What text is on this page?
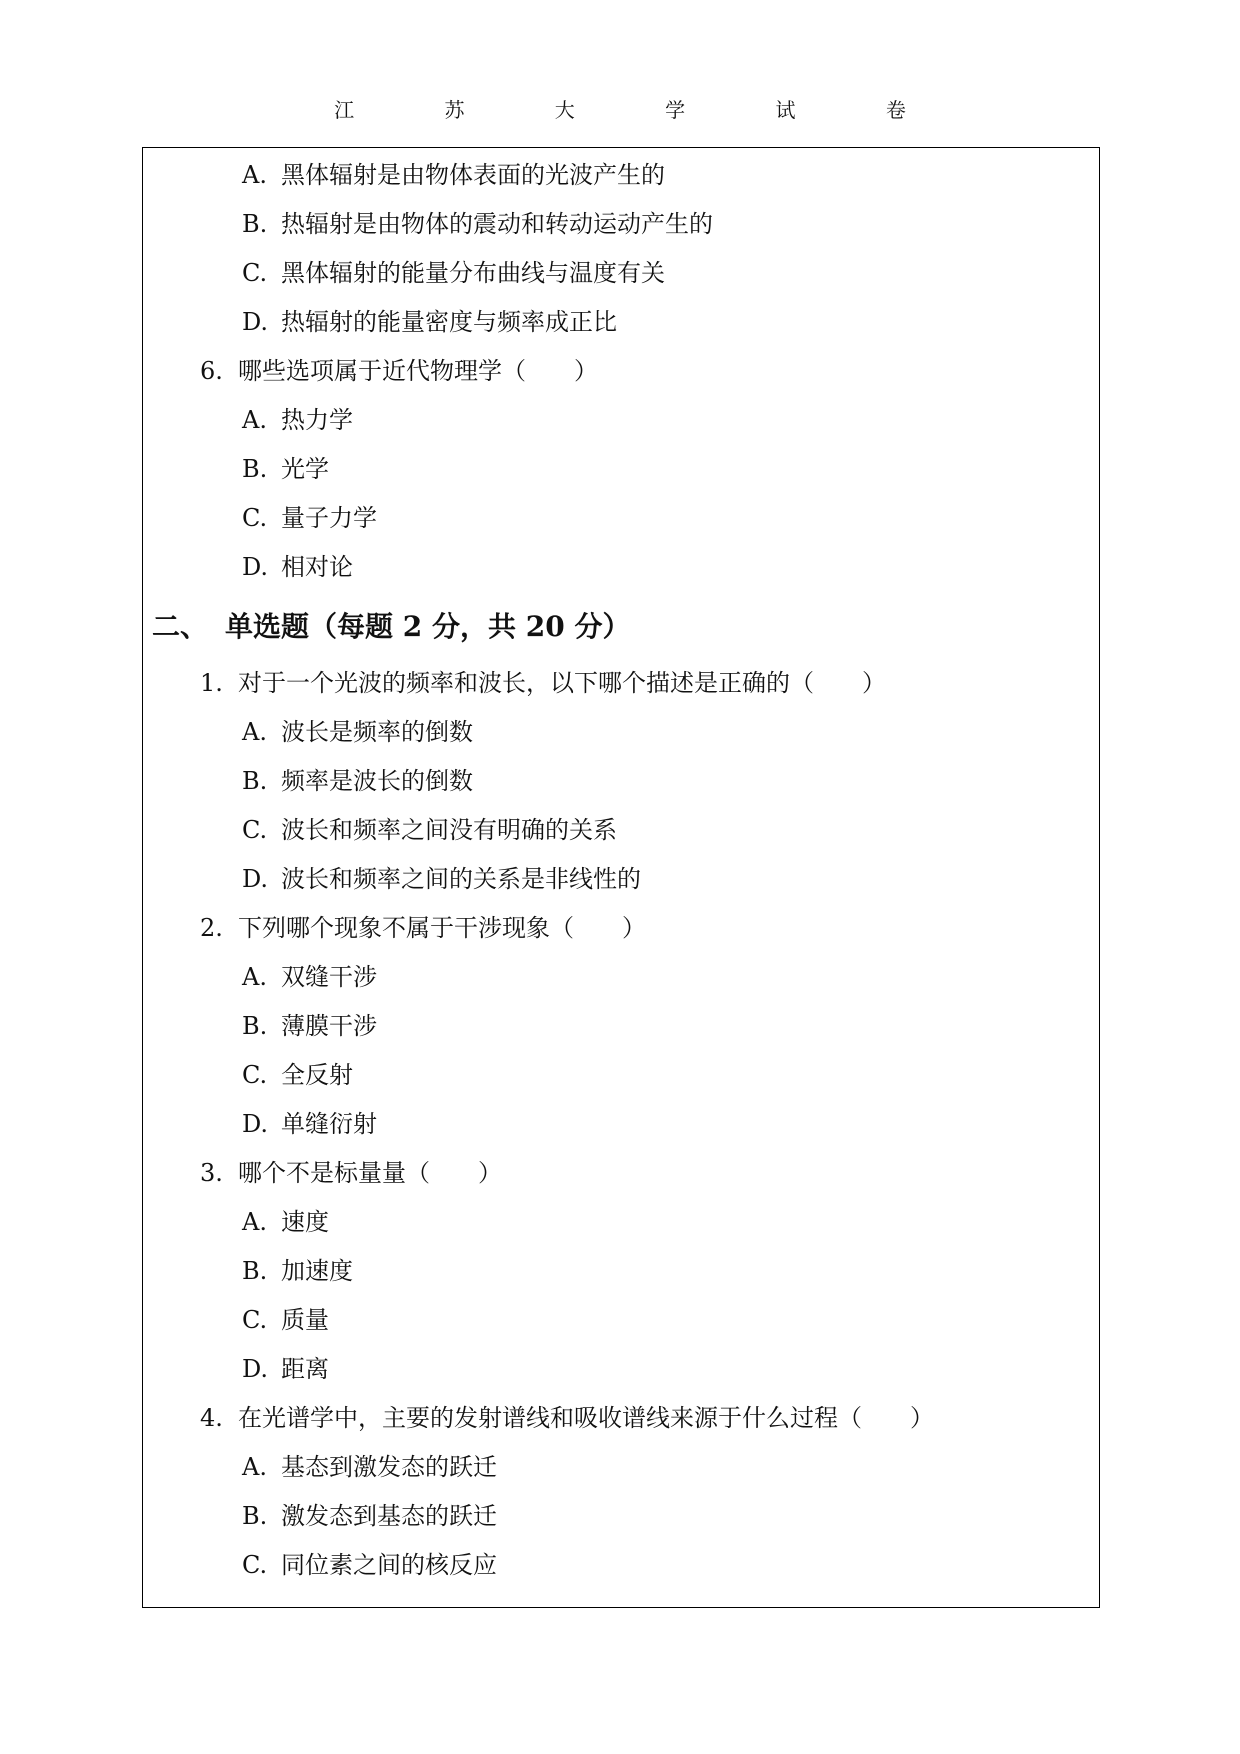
江 苏 大 学 试 卷
A. 黑体辐射是由物体表面的光波产生的
B. 热辐射是由物体的震动和转动运动产生的
C. 黑体辐射的能量分布曲线与温度有关
D. 热辐射的能量密度与频率成正比
6. 哪些选项属于近代物理学（　　）
A. 热力学
B. 光学
C. 量子力学
D. 相对论
二、 单选题（每题 2 分，共 20 分）
1. 对于一个光波的频率和波长，以下哪个描述是正确的（　　）
A. 波长是频率的倒数
B. 频率是波长的倒数
C. 波长和频率之间没有明确的关系
D. 波长和频率之间的关系是非线性的
2. 下列哪个现象不属于干涉现象（　　）
A. 双缝干涉
B. 薄膜干涉
C. 全反射
D. 单缝衍射
3. 哪个不是标量量（　　）
A. 速度
B. 加速度
C. 质量
D. 距离
4. 在光谱学中，主要的发射谱线和吸收谱线来源于什么过程（　　）
A. 基态到激发态的跃迁
B. 激发态到基态的跃迁
C. 同位素之间的核反应
